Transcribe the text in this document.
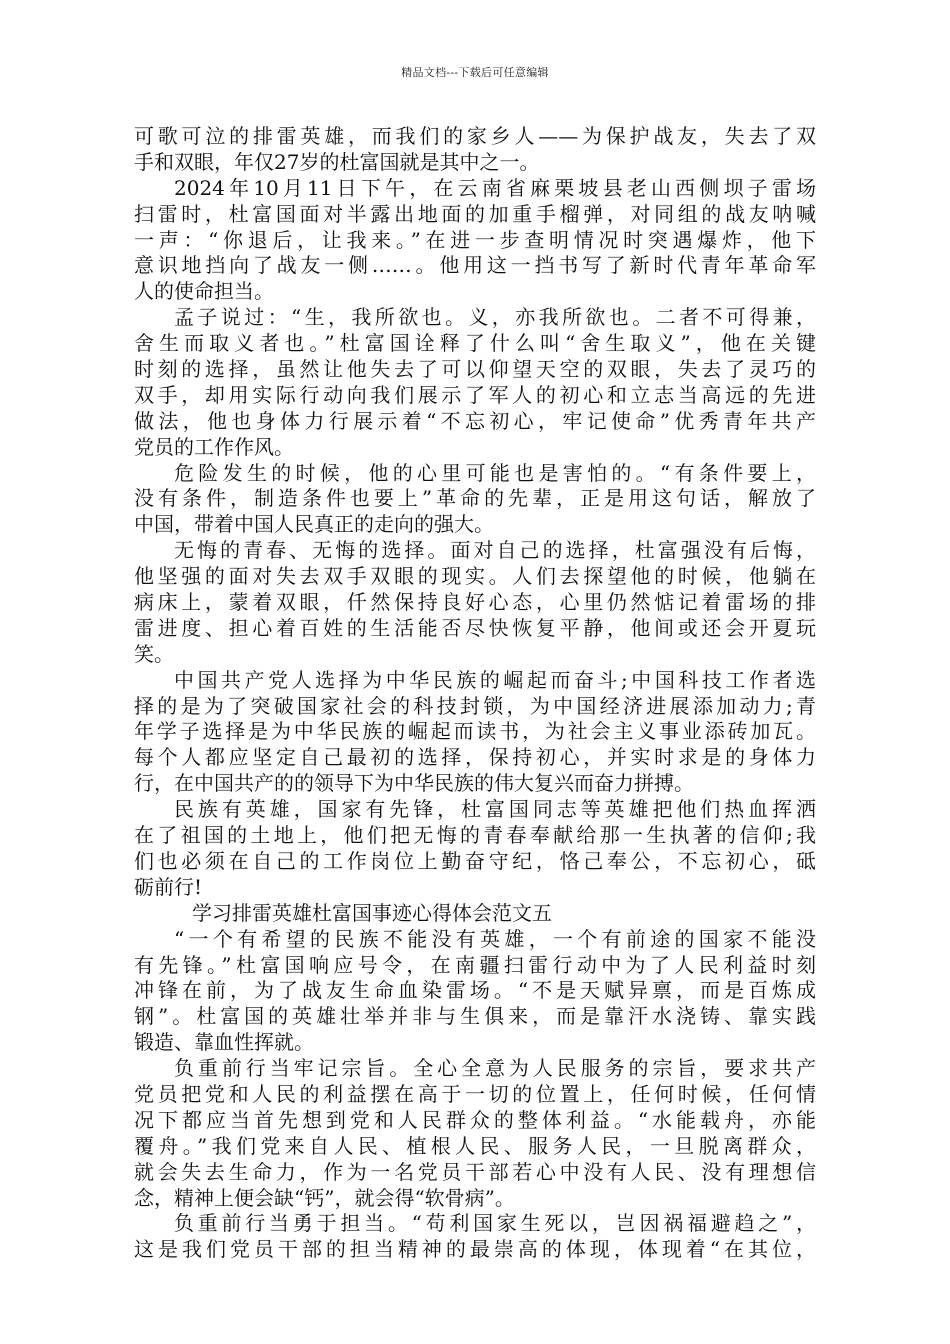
精品文档---下载后可任意编辑
可歌可泣的排雷英雄，而我们的家乡人——为保护战友，失去了双
手和双眼，年仅27岁的杜富国就是其中之一。
2024年10月11日下午，在云南省麻栗坡县老山西侧坝子雷场
扫雷时，杜富国面对半露出地面的加重手榴弹，对同组的战友呐喊
一声：“你退后，让我来。”在进一步查明情况时突遇爆炸，他下
意识地挡向了战友一侧……。他用这一挡书写了新时代青年革命军
人的使命担当。
孟子说过：“生，我所欲也。义，亦我所欲也。二者不可得兼，
舍生而取义者也。”杜富国诠释了什么叫“舍生取义”，他在关键
时刻的选择，虽然让他失去了可以仰望天空的双眼，失去了灵巧的
双手，却用实际行动向我们展示了军人的初心和立志当高远的先进
做法，他也身体力行展示着“不忘初心，牢记使命”优秀青年共产
党员的工作作风。
危险发生的时候，他的心里可能也是害怕的。“有条件要上，
没有条件，制造条件也要上”革命的先辈，正是用这句话，解放了
中国，带着中国人民真正的走向的强大。
无悔的青春、无悔的选择。面对自己的选择，杜富强没有后悔，
他坚强的面对失去双手双眼的现实。人们去探望他的时候，他躺在
病床上，蒙着双眼，仟然保持良好心态，心里仍然惦记着雷场的排
雷进度、担心着百姓的生活能否尽快恢复平静，他间或还会开夏玩
笑。
中国共产党人选择为中华民族的崛起而奋斗;中国科技工作者选
择的是为了突破国家社会的科技封锁，为中国经济进展添加动力;青
年学子选择是为中华民族的崛起而读书，为社会主义事业添砖加瓦。
每个人都应坚定自己最初的选择，保持初心，并实时求是的身体力
行，在中国共产的的领导下为中华民族的伟大复兴而奋力拼搏。
民族有英雄，国家有先锋，杜富国同志等英雄把他们热血挥洒
在了祖国的土地上，他们把无悔的青春奉献给那一生执著的信仰;我
们也必须在自己的工作岗位上勤奋守纪，恪己奉公，不忘初心，砥
砺前行!
学习排雷英雄杜富国事迹心得体会范文五
“一个有希望的民族不能没有英雄，一个有前途的国家不能没
有先锋。”杜富国响应号令，在南疆扫雷行动中为了人民利益时刻
冲锋在前，为了战友生命血染雷场。“不是天赋异禀，而是百炼成
钢”。杜富国的英雄壮举并非与生俱来，而是靠汗水浇铸、靠实践
锻造、靠血性挥就。
负重前行当牢记宗旨。全心全意为人民服务的宗旨，要求共产
党员把党和人民的利益摆在高于一切的位置上，任何时候，任何情
况下都应当首先想到党和人民群众的整体利益。“水能载舟，亦能
覆舟。”我们党来自人民、植根人民、服务人民，一旦脱离群众，
就会失去生命力，作为一名党员干部若心中没有人民、没有理想信
念，精神上便会缺“钙”，就会得“软骨病”。
负重前行当勇于担当。“苟利国家生死以，岂因祸福避趋之”，
这是我们党员干部的担当精神的最崇高的体现，体现着“在其位，
